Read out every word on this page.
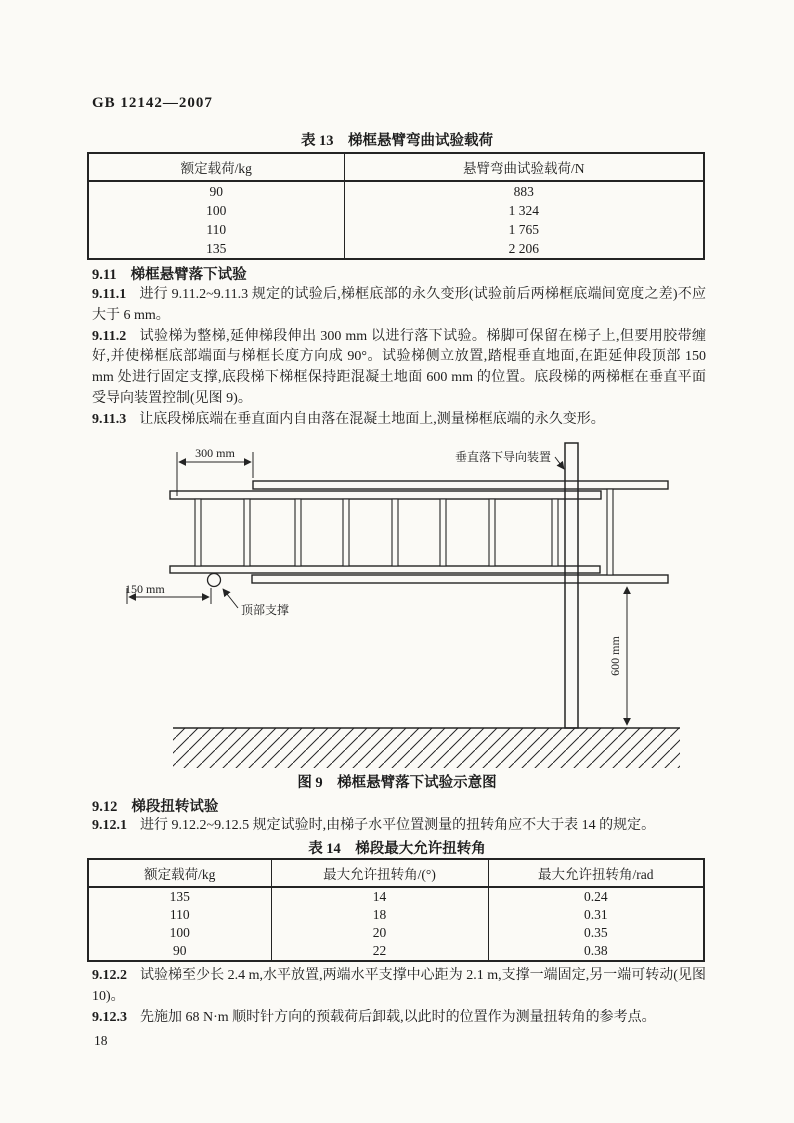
GB 12142—2007
表 13　梯框悬臂弯曲试验载荷
额定载荷/kg	悬臂弯曲试验载荷/N
90	883
100	1 324
110	1 765
135	2 206
9.11 梯框悬臂落下试验

9.11.1 进行 9.11.2~9.11.3 规定的试验后,梯框底部的永久变形(试验前后两梯框底端间宽度之差)不应大于 6 mm。

9.11.2 试验梯为整梯,延伸梯段伸出 300 mm 以进行落下试验。梯脚可保留在梯子上,但要用胶带缠好,并使梯框底部端面与梯框长度方向成 90°。试验梯侧立放置,踏棍垂直地面,在距延伸段顶部 150 mm 处进行固定支撑,底段梯下梯框保持距混凝土地面 600 mm 的位置。底段梯的两梯框在垂直平面受导向装置控制(见图 9)。

9.11.3 让底段梯底端在垂直面内自由落在混凝土地面上,测量梯框底端的永久变形。

300 mm
150 mm
600 mm
顶部支撑
垂直落下导向装置
图 9　梯框悬臂落下试验示意图
9.12 梯段扭转试验

9.12.1 进行 9.12.2~9.12.5 规定试验时,由梯子水平位置测量的扭转角应不大于表 14 的规定。

表 14　梯段最大允许扭转角
额定载荷/kg	最大允许扭转角/(°)	最大允许扭转角/rad
135	14	0.24
110	18	0.31
100	20	0.35
90	22	0.38

9.12.2 试验梯至少长 2.4 m,水平放置,两端水平支撑中心距为 2.1 m,支撑一端固定,另一端可转动(见图 10)。

9.12.3 先施加 68 N·m 顺时针方向的预载荷后卸载,以此时的位置作为测量扭转角的参考点。

18
